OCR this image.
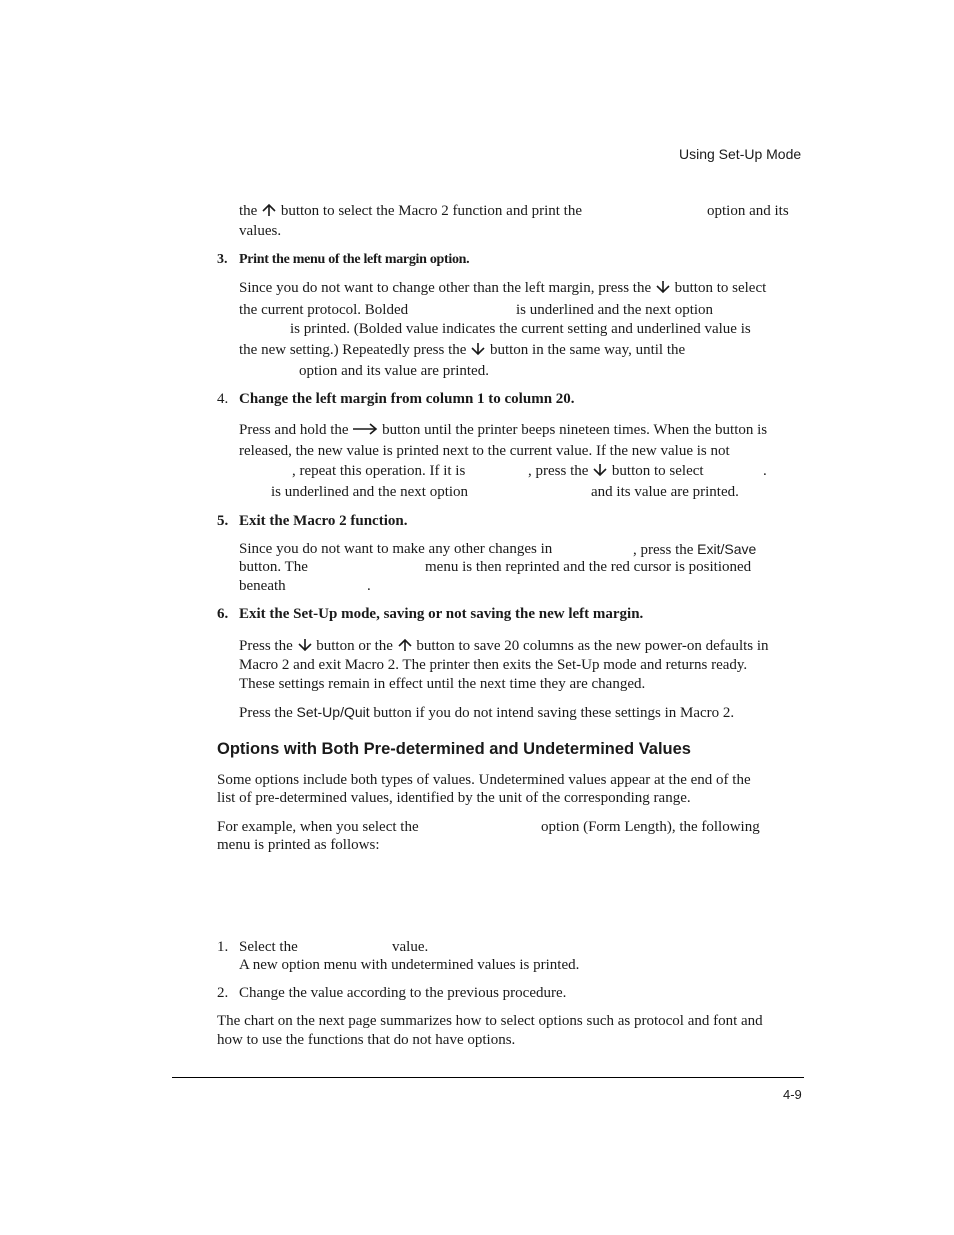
Using Set-Up Mode
the button to select the Macro 2 function and print the	option and its
values.
3. Print the menu of the left margin option.
Since you do not want to change other than the left margin, press the button to select
the current protocol. Bolded	is underlined and the next option
is printed. (Bolded value indicates the current setting and underlined value is
the new setting.) Repeatedly press the button in the same way, until the
option and its value are printed.
4. Change the left margin from column 1 to column 20.
Press and hold the button until the printer beeps nineteen times. When the button is
released, the new value is printed next to the current value. If the new value is not
, repeat this operation. If it is	, press the button to select	.
is underlined and the next option	and its value are printed.
5. Exit the Macro 2 function.
Since you do not want to make any other changes in	, press the Exit/Save
button. The	menu is then reprinted and the red cursor is positioned
beneath	.
6. Exit the Set-Up mode, saving or not saving the new left margin.
Press the button or the button to save 20 columns as the new power-on defaults in
Macro 2 and exit Macro 2. The printer then exits the Set-Up mode and returns ready.
These settings remain in effect until the next time they are changed.
Press the Set-Up/Quit button if you do not intend saving these settings in Macro 2.
Options with Both Pre-determined and Undetermined Values
Some options include both types of values. Undetermined values appear at the end of the
list of pre-determined values, identified by the unit of the corresponding range.
For example, when you select the	option (Form Length), the following
menu is printed as follows:
1. Select the	value.
A new option menu with undetermined values is printed.
2. Change the value according to the previous procedure.
The chart on the next page summarizes how to select options such as protocol and font and
how to use the functions that do not have options.
4-9
